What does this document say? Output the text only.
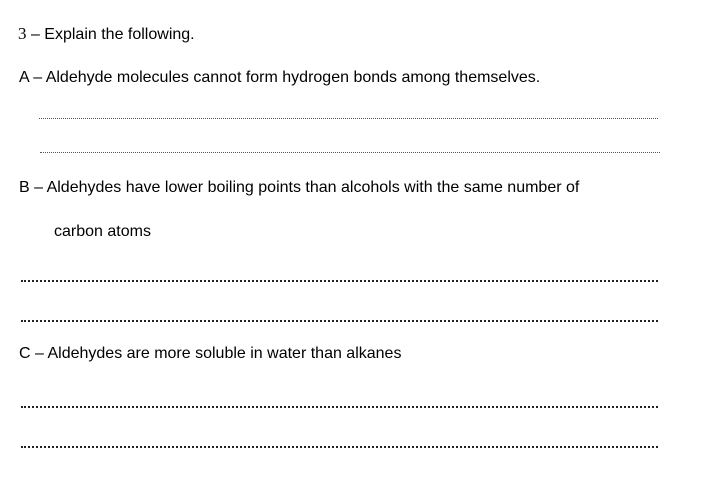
3 – Explain the following.
A – Aldehyde molecules cannot form hydrogen bonds among themselves.
B – Aldehydes have lower boiling points than alcohols with the same number of
carbon atoms
C – Aldehydes are more soluble in water than alkanes
